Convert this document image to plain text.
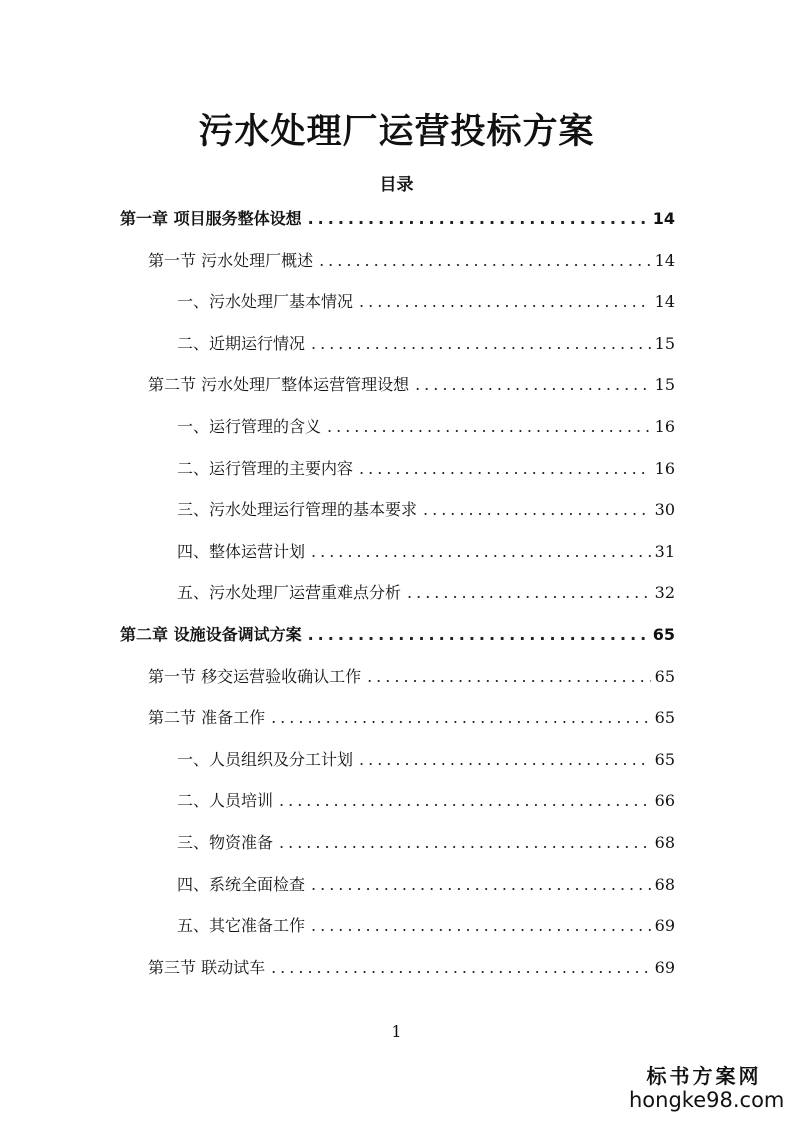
污水处理厂运营投标方案
目录
第一章 项目服务整体设想 .....	14
第一节 污水处理厂概述 .....	14
一、污水处理厂基本情况 .....	14
二、近期运行情况 .....	15
第二节 污水处理厂整体运营管理设想 .....	15
一、运行管理的含义 .....	16
二、运行管理的主要内容 .....	16
三、污水处理运行管理的基本要求 .....	30
四、整体运营计划 .....	31
五、污水处理厂运营重难点分析 .....	32
第二章 设施设备调试方案 .....	65
第一节 移交运营验收确认工作 .....	65
第二节 准备工作 .....	65
一、人员组织及分工计划 .....	65
二、人员培训 .....	66
三、物资准备 .....	68
四、系统全面检查 .....	68
五、其它准备工作 .....	69
第三节 联动试车 .....	69
1
标书方案网
hongke98.com
